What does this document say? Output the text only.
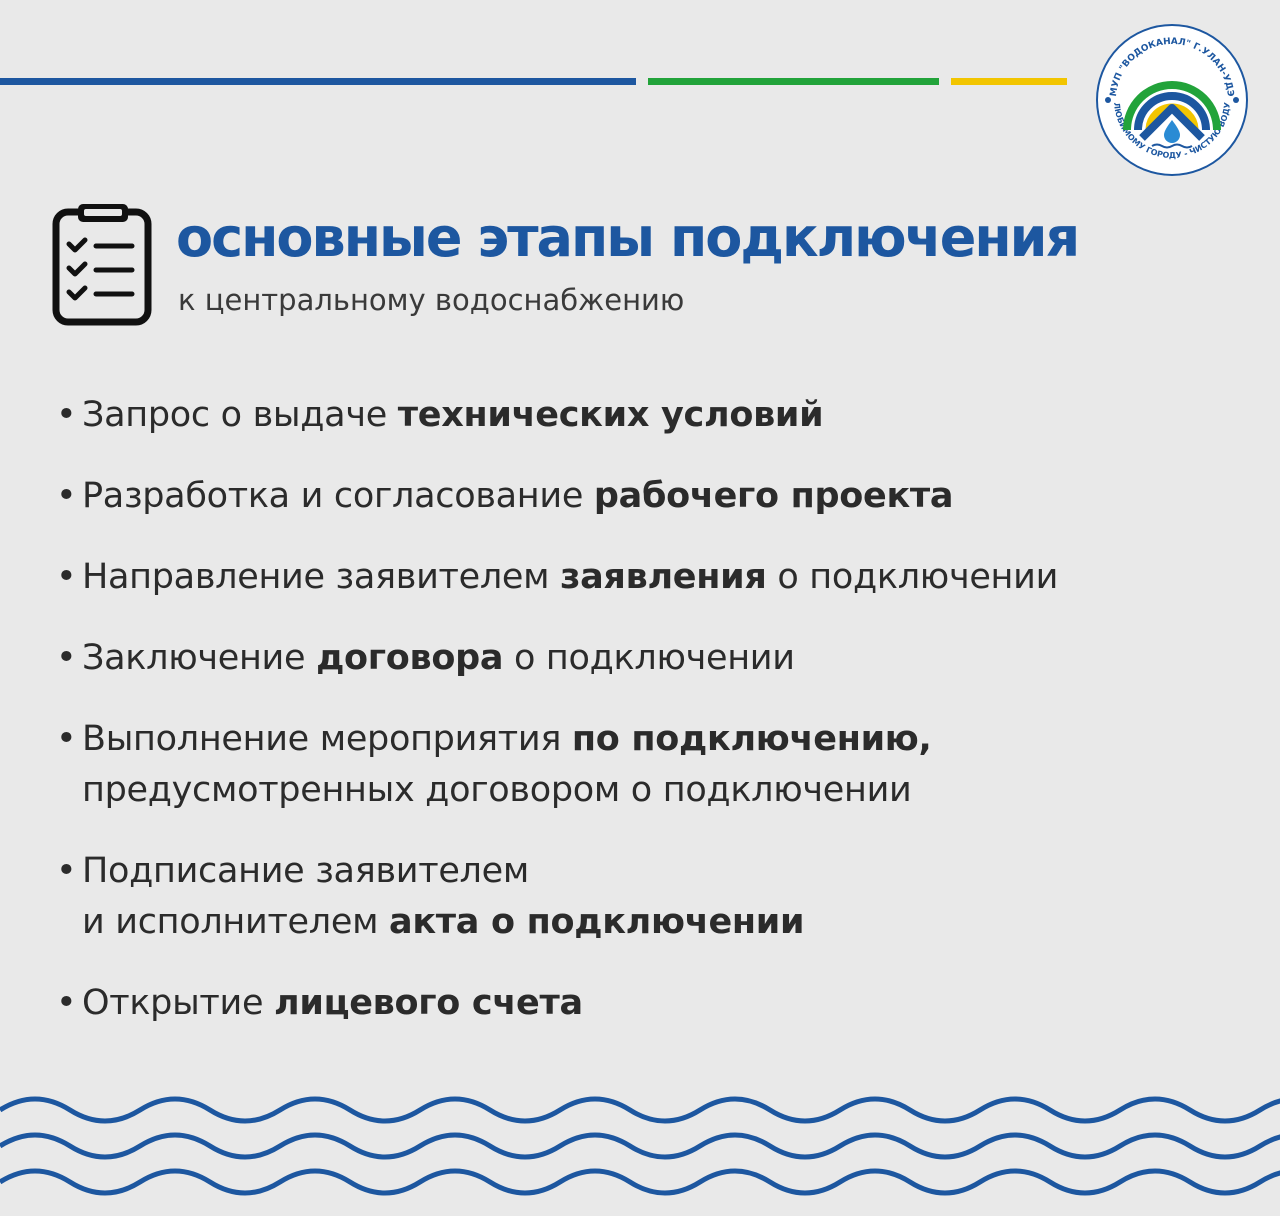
МУП "ВОДОКАНАЛ" Г.УЛАН-УДЭ
ЛЮБИМОМУ ГОРОДУ - ЧИСТУЮ ВОДУ
основные этапы подключения
к центральному водоснабжению
• Запрос о выдаче технических условий
• Разработка и согласование рабочего проекта
• Направление заявителем заявления о подключении
• Заключение договора о подключении
• Выполнение мероприятия по подключению,
предусмотренных договором о подключении
• Подписание заявителем
и исполнителем акта о подключении
• Открытие лицевого счета
